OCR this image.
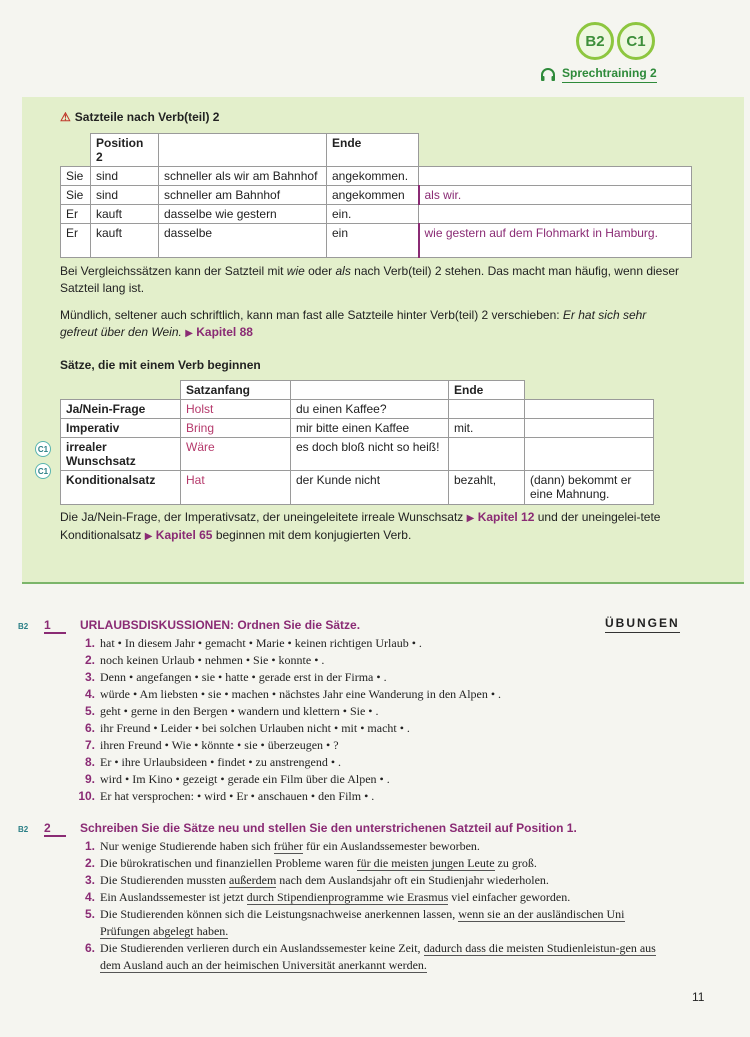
B2	C1
Sprechtraining 2
⚠ Satzteile nach Verb(teil) 2
	Position 2		Ende	
Sie	sind	schneller als wir am Bahnhof	angekommen.	
Sie	sind	schneller am Bahnhof	angekommen	als wir.
Er	kauft	dasselbe wie gestern	ein.	
Er	kauft	dasselbe	ein	wie gestern auf dem Flohmarkt in Hamburg.

Bei Vergleichssätzen kann der Satzteil mit wie oder als nach Verb(teil) 2 stehen. Das macht man häufig, wenn dieser Satzteil lang ist.

Mündlich, seltener auch schriftlich, kann man fast alle Satzteile hinter Verb(teil) 2 verschieben: Er hat sich sehr gefreut über den Wein. ▶ Kapitel 88

Sätze, die mit einem Verb beginnen
	Satzanfang		Ende	
Ja/Nein-Frage	Holst	du einen Kaffee?		
Imperativ	Bring	mir bitte einen Kaffee	mit.	
irrealer Wunschsatz	Wäre	es doch bloß nicht so heiß!		
Konditionalsatz	Hat	der Kunde nicht	bezahlt,	(dann) bekommt er eine Mahnung.
C1
C1

Die Ja/Nein-Frage, der Imperativsatz, der uneingeleitete irreale Wunschsatz ▶ Kapitel 12 und der uneingelei-tete Konditionalsatz ▶ Kapitel 65 beginnen mit dem konjugierten Verb.

ÜBUNGEN
B2 1	URLAUBSDISKUSSIONEN: Ordnen Sie die Sätze.
1. hat • In diesem Jahr • gemacht • Marie • keinen richtigen Urlaub • .
2. noch keinen Urlaub • nehmen • Sie • konnte • .
3. Denn • angefangen • sie • hatte • gerade erst in der Firma • .
4. würde • Am liebsten • sie • machen • nächstes Jahr eine Wanderung in den Alpen • .
5. geht • gerne in den Bergen • wandern und klettern • Sie • .
6. ihr Freund • Leider • bei solchen Urlauben nicht • mit • macht • .
7. ihren Freund • Wie • könnte • sie • überzeugen • ?
8. Er • ihre Urlaubsideen • findet • zu anstrengend • .
9. wird • Im Kino • gezeigt • gerade ein Film über die Alpen • .
10. Er hat versprochen: • wird • Er • anschauen • den Film • .
B2 2	Schreiben Sie die Sätze neu und stellen Sie den unterstrichenen Satzteil auf Position 1.
1. Nur wenige Studierende haben sich früher für ein Auslandssemester beworben.
2. Die bürokratischen und finanziellen Probleme waren für die meisten jungen Leute zu groß.
3. Die Studierenden mussten außerdem nach dem Auslandsjahr oft ein Studienjahr wiederholen.
4. Ein Auslandssemester ist jetzt durch Stipendienprogramme wie Erasmus viel einfacher geworden.
5. Die Studierenden können sich die Leistungsnachweise anerkennen lassen, wenn sie an der ausländischen Uni Prüfungen abgelegt haben.
6. Die Studierenden verlieren durch ein Auslandssemester keine Zeit, dadurch dass die meisten Studienleistun-gen aus dem Ausland auch an der heimischen Universität anerkannt werden.
11
